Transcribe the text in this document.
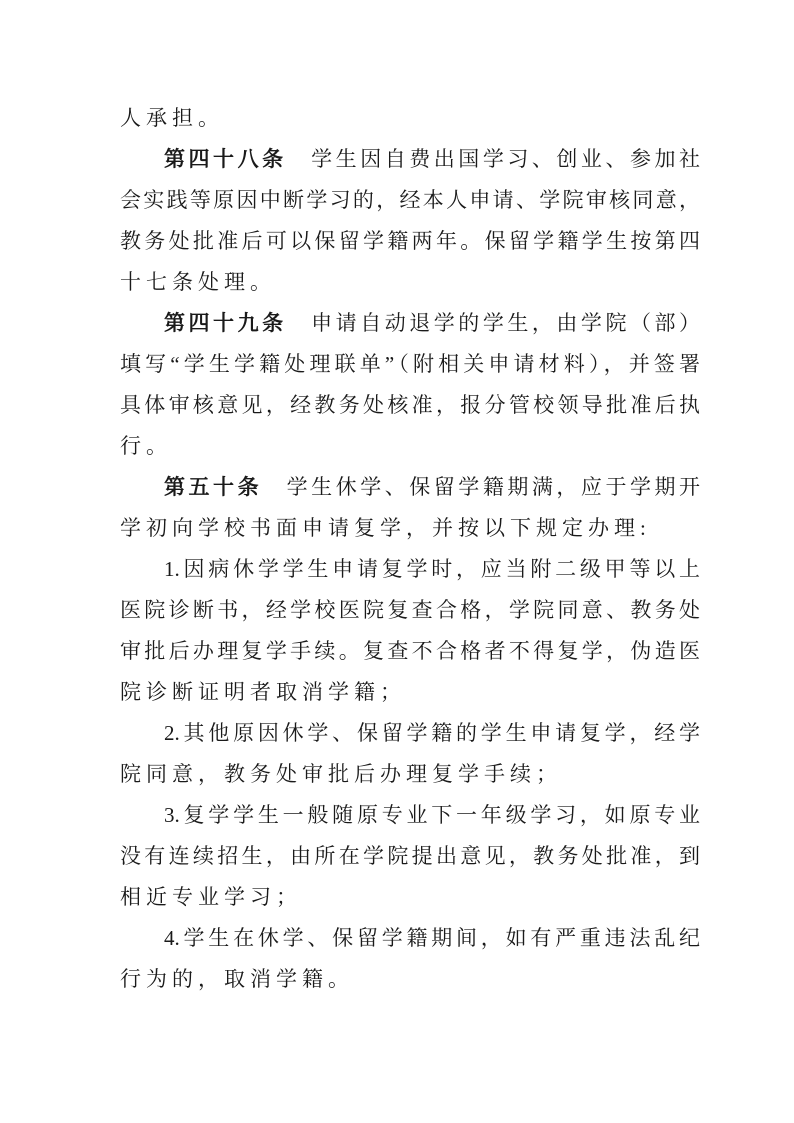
人承担。
第四十八条　 学生因自费出国学习、创业、参加社
会实践等原因中断学习的，经本人申请、学院审核同意，
教务处批准后可以保留学籍两年。保留学籍学生按第四
十七条处理。
第四十九条　 申请自动退学的学生，由学院（部）
填写“学生学籍处理联单”（附相关申请材料），并签署
具体审核意见，经教务处核准，报分管校领导批准后执
行。
第五十条　 学生休学、保留学籍期满，应于学期开
学初向学校书面申请复学，并按以下规定办理:
1.因病休学学生申请复学时，应当附二级甲等以上
医院诊断书，经学校医院复查合格，学院同意、教务处
审批后办理复学手续。复查不合格者不得复学，伪造医
院诊断证明者取消学籍；
2.其他原因休学、保留学籍的学生申请复学，经学
院同意，教务处审批后办理复学手续；
3.复学学生一般随原专业下一年级学习，如原专业
没有连续招生，由所在学院提出意见，教务处批准，到
相近专业学习；
4.学生在休学、保留学籍期间，如有严重违法乱纪
行为的，取消学籍。
